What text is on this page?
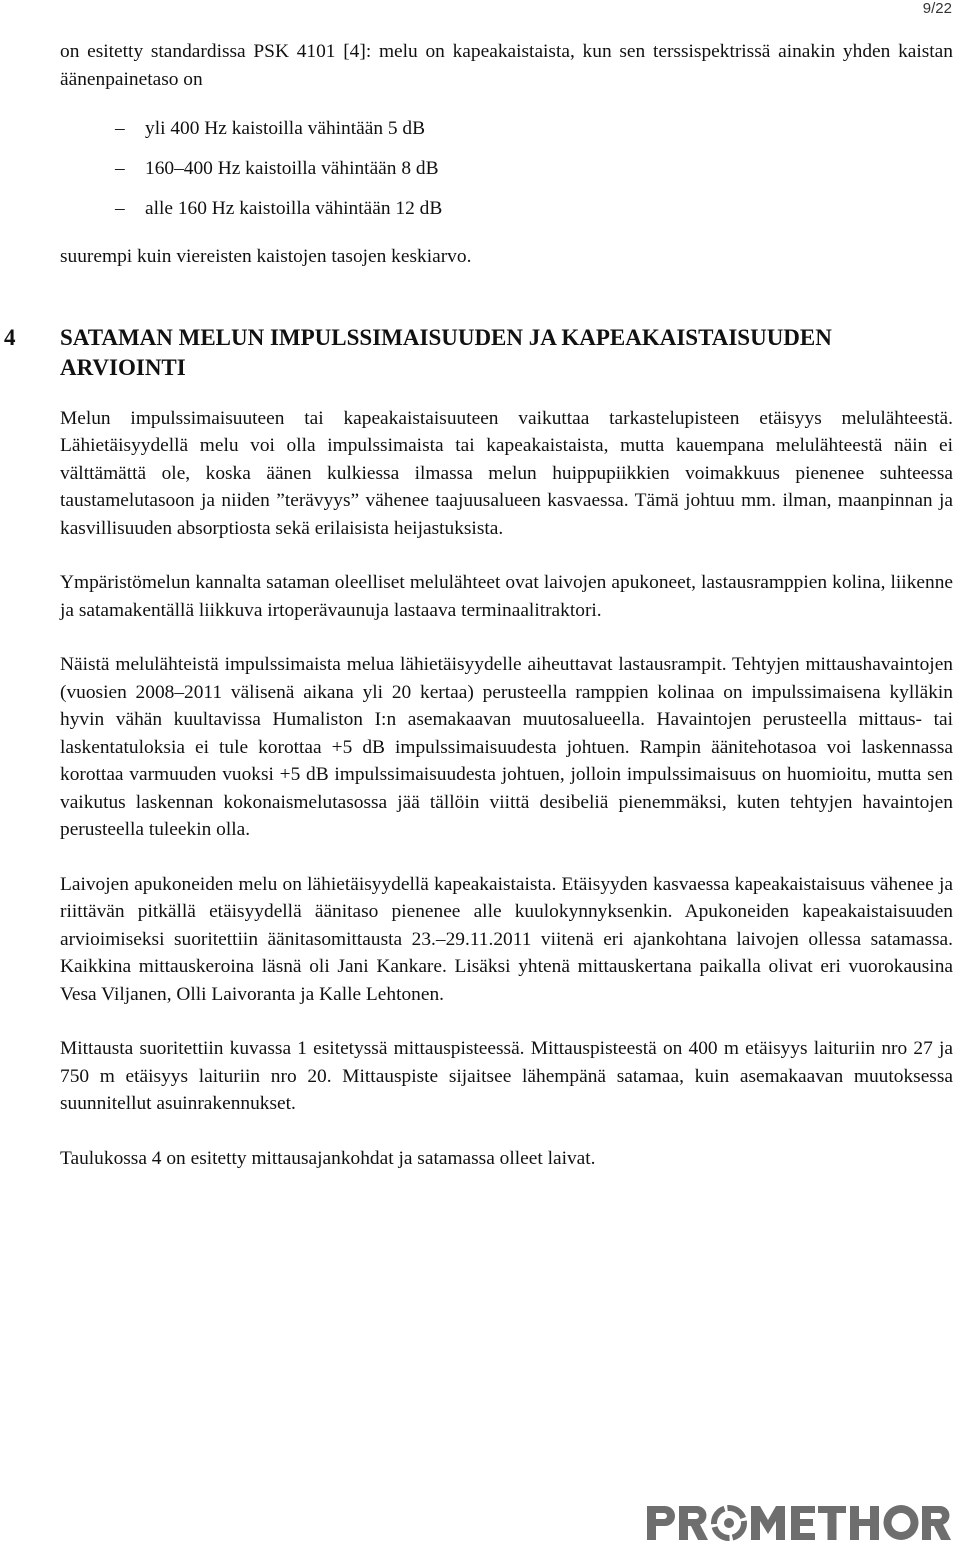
9/22

on esitetty standardissa PSK 4101 [4]: melu on kapeakaistaista, kun sen terssispektrissä ainakin yhden kaistan äänenpainetaso on

– yli 400 Hz kaistoilla vähintään 5 dB
– 160–400 Hz kaistoilla vähintään 8 dB
– alle 160 Hz kaistoilla vähintään 12 dB

suurempi kuin viereisten kaistojen tasojen keskiarvo.

4 SATAMAN MELUN IMPULSSIMAISUUDEN JA KAPEAKAISTAISUUDEN ARVIOINTI

Melun impulssimaisuuteen tai kapeakaistaisuuteen vaikuttaa tarkastelupisteen etäisyys melulähteestä. Lähietäisyydellä melu voi olla impulssimaista tai kapeakaistaista, mutta kauempana melulähteestä näin ei välttämättä ole, koska äänen kulkiessa ilmassa melun huippupiikkien voimakkuus pienenee suhteessa taustamelutasoon ja niiden ”terävyys” vähenee taajuusalueen kasvaessa. Tämä johtuu mm. ilman, maanpinnan ja kasvillisuuden absorptiosta sekä erilaisista heijastuksista.

Ympäristömelun kannalta sataman oleelliset melulähteet ovat laivojen apukoneet, lastausramppien kolina, liikenne ja satamakentällä liikkuva irtoperävaunuja lastaava terminaalitraktori.

Näistä melulähteistä impulssimaista melua lähietäisyydelle aiheuttavat lastausrampit. Tehtyjen mittaushavaintojen (vuosien 2008–2011 välisenä aikana yli 20 kertaa) perusteella ramppien kolinaa on impulssimaisena kylläkin hyvin vähän kuultavissa Humaliston I:n asemakaavan muutosalueella. Havaintojen perusteella mittaus- tai laskentatuloksia ei tule korottaa +5 dB impulssimaisuudesta johtuen. Rampin äänitehotasoa voi laskennassa korottaa varmuuden vuoksi +5 dB impulssimaisuudesta johtuen, jolloin impulssimaisuus on huomioitu, mutta sen vaikutus laskennan kokonaismelutasossa jää tällöin viittä desibeliä pienemmäksi, kuten tehtyjen havaintojen perusteella tuleekin olla.

Laivojen apukoneiden melu on lähietäisyydellä kapeakaistaista. Etäisyyden kasvaessa kapeakaistaisuus vähenee ja riittävän pitkällä etäisyydellä äänitaso pienenee alle kuulokynnyksenkin. Apukoneiden kapeakaistaisuuden arvioimiseksi suoritettiin äänitasomittausta 23.–29.11.2011 viitenä eri ajankohtana laivojen ollessa satamassa. Kaikkina mittauskeroina läsnä oli Jani Kankare. Lisäksi yhtenä mittauskertana paikalla olivat eri vuorokausina Vesa Viljanen, Olli Laivoranta ja Kalle Lehtonen.

Mittausta suoritettiin kuvassa 1 esitetyssä mittauspisteessä. Mittauspisteestä on 400 m etäisyys laituriin nro 27 ja 750 m etäisyys laituriin nro 20. Mittauspiste sijaitsee lähempänä satamaa, kuin asemakaavan muutoksessa suunnitellut asuinrakennukset.

Taulukossa 4 on esitetty mittausajankohdat ja satamassa olleet laivat.
